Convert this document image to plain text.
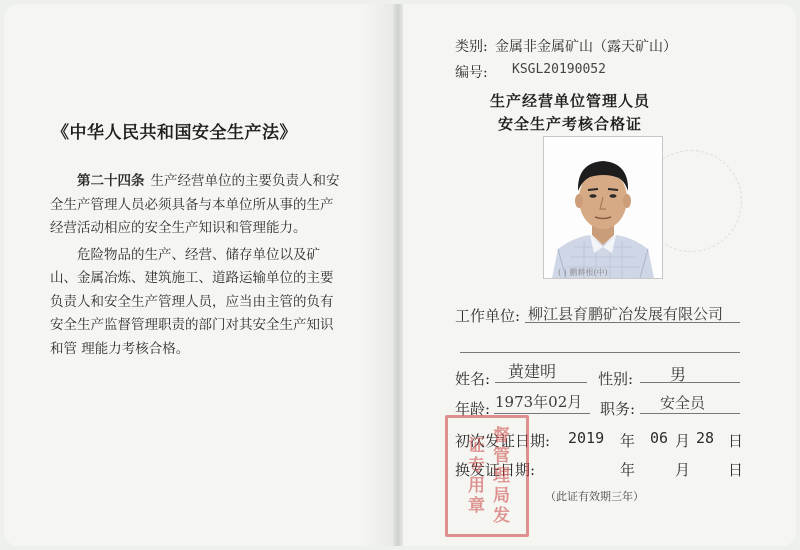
《中华人民共和国安全生产法》

第二十四条 生产经营单位的主要负责人和安全生产管理人员必须具备与本单位所从事的生产经营活动相应的安全生产知识和管理能力。

危险物品的生产、经营、储存单位以及矿山、金属冶炼、建筑施工、道路运输单位的主要负责人和安全生产管理人员，应当由主管的负有安全生产监督管理职责的部门对其安全生产知识和管 理能力考核合格。

类别: 金属非金属矿山（露天矿山）
编号: KSGL20190052
生产经营单位管理人员
安全生产考核合格证
( ) 鹏耕根(中)
工作单位: 柳江县育鹏矿冶发展有限公司
姓名: 黄建明	性别: 男
年龄: 1973年02月 职务: 安全员
初次发证日期: 2019 年 06 月 28 日
换发证日期:	年	月	日
（此证有效期三年）
督管理局发证专用章
